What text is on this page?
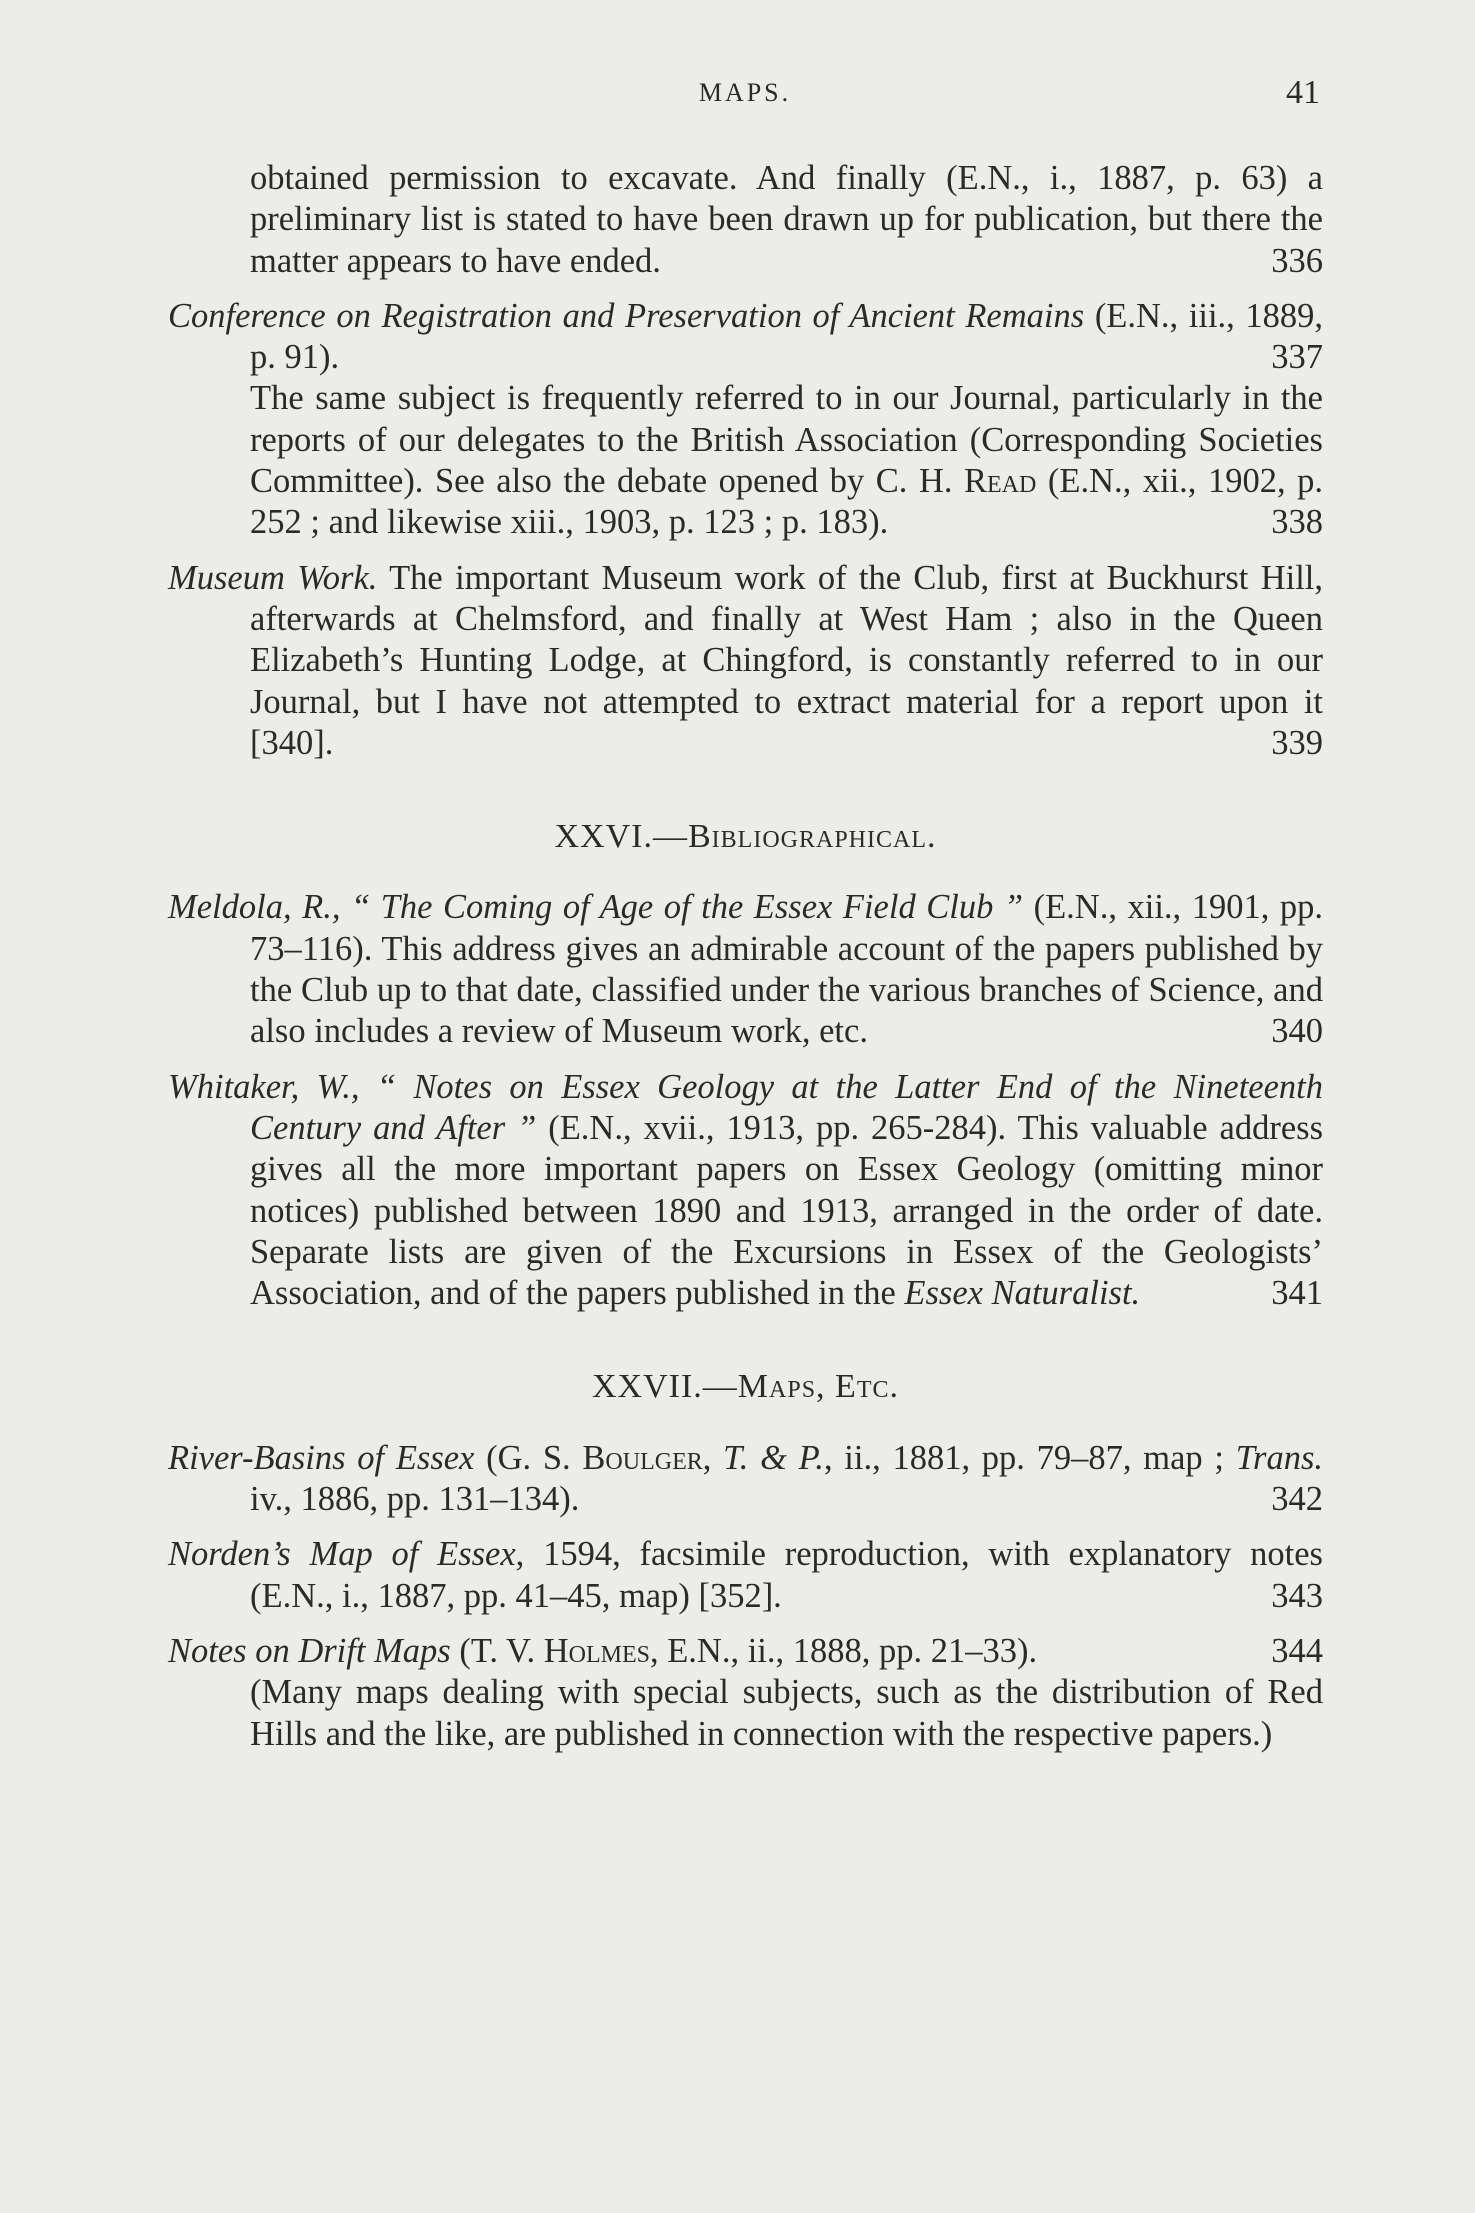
MAPS.	41
obtained permission to excavate. And finally (E.N., i., 1887, p. 63) a preliminary list is stated to have been drawn up for publication, but there the matter appears to have ended.	336
Conference on Registration and Preservation of Ancient Remains (E.N., iii., 1889, p. 91).	337
The same subject is frequently referred to in our Journal, particularly in the reports of our delegates to the British Association (Corresponding Societies Committee). See also the debate opened by C. H. Read (E.N., xii., 1902, p. 252 ; and likewise xiii., 1903, p. 123 ; p. 183).	338
Museum Work. The important Museum work of the Club, first at Buckhurst Hill, afterwards at Chelmsford, and finally at West Ham ; also in the Queen Elizabeth’s Hunting Lodge, at Chingford, is constantly referred to in our Journal, but I have not attempted to extract material for a report upon it [340].	339
XXVI.—Bibliographical.
Meldola, R., “ The Coming of Age of the Essex Field Club ” (E.N., xii., 1901, pp. 73–116). This address gives an admirable account of the papers published by the Club up to that date, classified under the various branches of Science, and also includes a review of Museum work, etc.	340
Whitaker, W., “ Notes on Essex Geology at the Latter End of the Nineteenth Century and After ” (E.N., xvii., 1913, pp. 265-284). This valuable address gives all the more important papers on Essex Geology (omitting minor notices) published between 1890 and 1913, arranged in the order of date. Separate lists are given of the Excursions in Essex of the Geologists’ Association, and of the papers published in the Essex Naturalist.	341
XXVII.—Maps, Etc.
River-Basins of Essex (G. S. Boulger, T. & P., ii., 1881, pp. 79–87, map ; Trans. iv., 1886, pp. 131–134).	342
Norden’s Map of Essex, 1594, facsimile reproduction, with explanatory notes (E.N., i., 1887, pp. 41–45, map) [352].	343
Notes on Drift Maps (T. V. Holmes, E.N., ii., 1888, pp. 21–33).	344
(Many maps dealing with special subjects, such as the distribution of Red Hills and the like, are published in connection with the respective papers.)
